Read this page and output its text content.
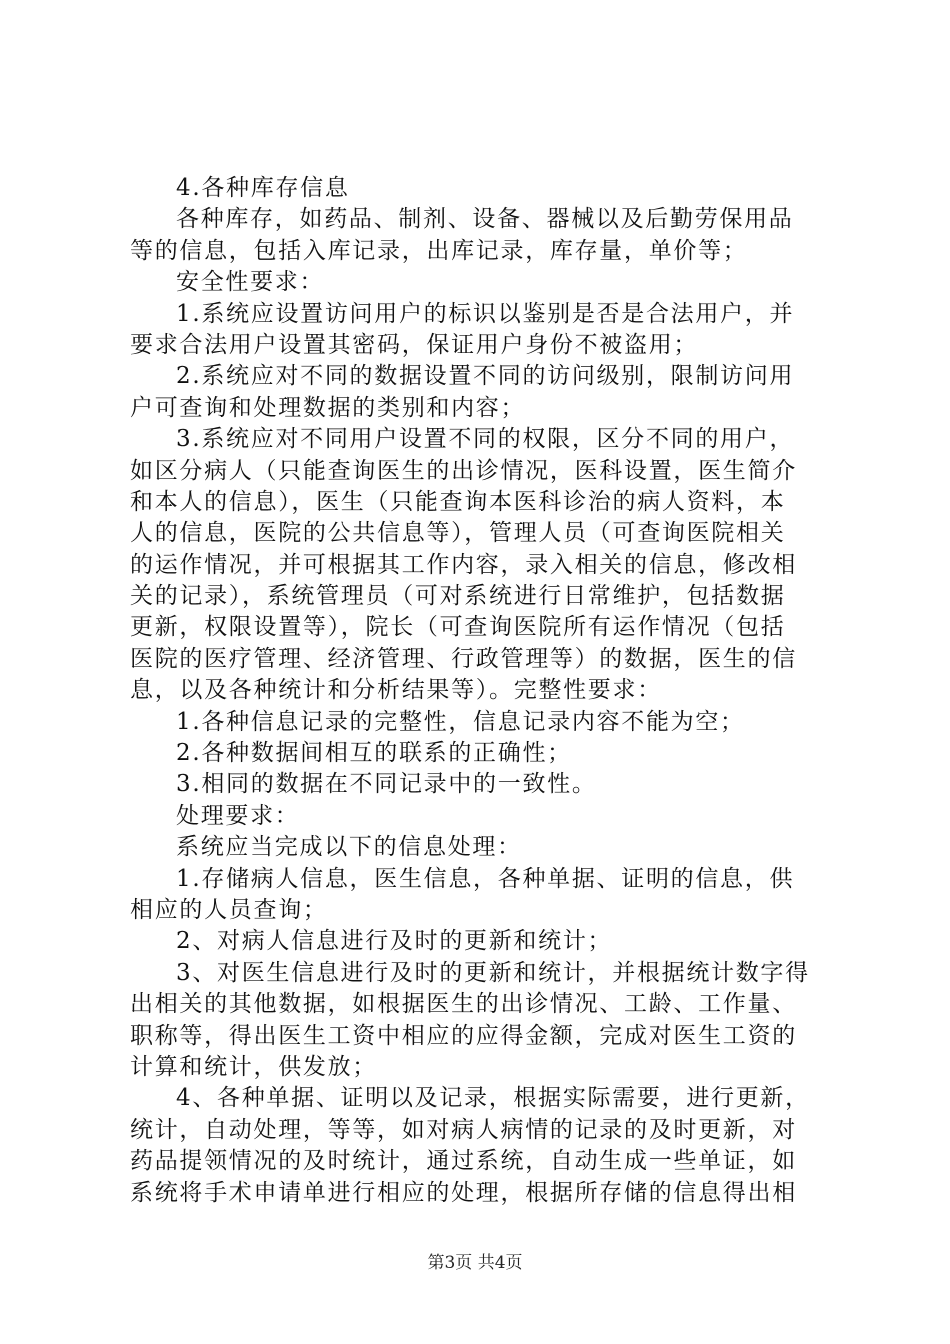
4.各种库存信息
各种库存，如药品、制剂、设备、器械以及后勤劳保用品
等的信息，包括入库记录，出库记录，库存量，单价等；
安全性要求：
1.系统应设置访问用户的标识以鉴别是否是合法用户，并
要求合法用户设置其密码，保证用户身份不被盗用；
2.系统应对不同的数据设置不同的访问级别，限制访问用
户可查询和处理数据的类别和内容；
3.系统应对不同用户设置不同的权限，区分不同的用户，
如区分病人（只能查询医生的出诊情况，医科设置，医生简介
和本人的信息），医生（只能查询本医科诊治的病人资料，本
人的信息，医院的公共信息等），管理人员（可查询医院相关
的运作情况，并可根据其工作内容，录入相关的信息，修改相
关的记录），系统管理员（可对系统进行日常维护，包括数据
更新，权限设置等），院长（可查询医院所有运作情况（包括
医院的医疗管理、经济管理、行政管理等）的数据，医生的信
息，以及各种统计和分析结果等）。完整性要求：
1.各种信息记录的完整性，信息记录内容不能为空；
2.各种数据间相互的联系的正确性；
3.相同的数据在不同记录中的一致性。
处理要求：
系统应当完成以下的信息处理：
1.存储病人信息，医生信息，各种单据、证明的信息，供
相应的人员查询；
2、对病人信息进行及时的更新和统计；
3、对医生信息进行及时的更新和统计，并根据统计数字得
出相关的其他数据，如根据医生的出诊情况、工龄、工作量、
职称等，得出医生工资中相应的应得金额，完成对医生工资的
计算和统计，供发放；
4、各种单据、证明以及记录，根据实际需要，进行更新，
统计，自动处理，等等，如对病人病情的记录的及时更新，对
药品提领情况的及时统计，通过系统，自动生成一些单证，如
系统将手术申请单进行相应的处理，根据所存储的信息得出相
第3页 共4页
